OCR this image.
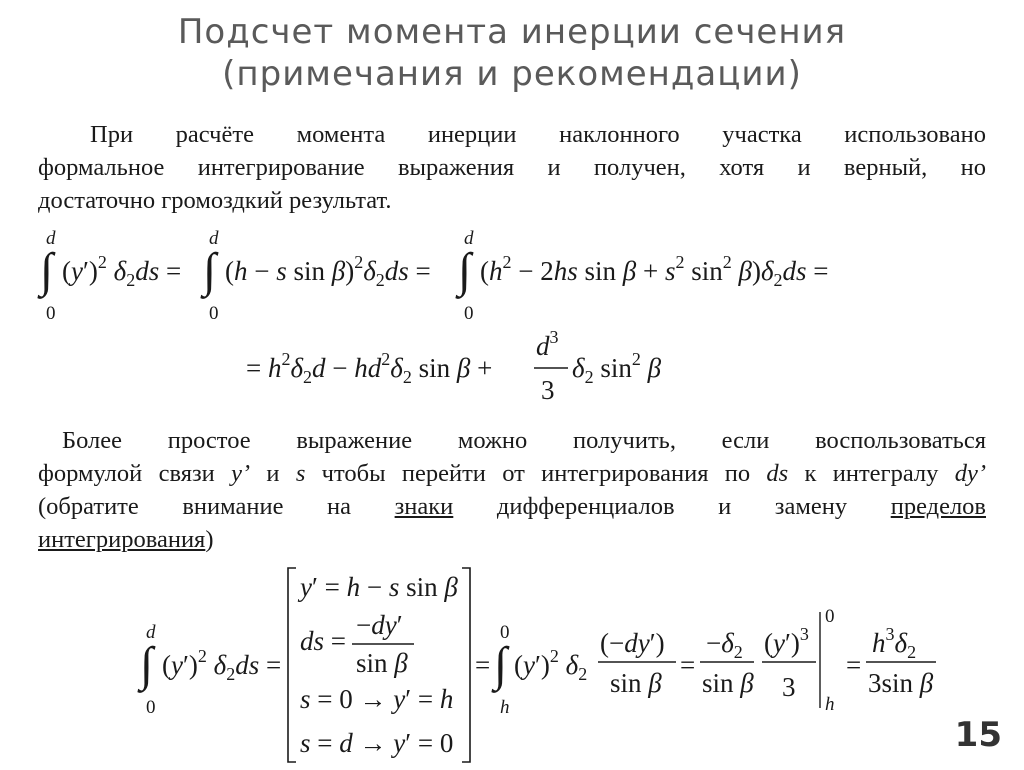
Подсчет момента инерции сечения
(примечания и рекомендации)
При расчёте момента инерции наклонного участка использовано
формальное интегрирование выражения и получен, хотя и верный, но
достаточно громоздкий результат.
d
∫
0
$(y')^2$ $\delta_2ds$ =
d
∫
0
(h − s $\sin \beta)^2\delta_2ds$ =
d
∫
0
($h^2 - 2hs$ $\sin \beta + s^2$ $\sin^2 \beta)\delta_2ds$ =
= $h^2\delta_2d - hd^2\delta_2$ sin β +
$d^3$
3
$\delta_2$ $\sin^2 \beta$
Более простое выражение можно получить, если воспользоваться
формулой связи y’ и s чтобы перейти от интегрирования по ds к интегралу dy’
(обратите внимание на знаки дифференциалов и замену пределов
интегрирования)
d
∫
0
$(y')^2$ $\delta_2ds$ =
y′ = h − s sin β
ds =
−dy′
sin β
s = 0 → y′ = h
s = d → y′ = 0
=
0
∫
h
$(y')^2$ $\delta_2$
(−dy′)
sin β
=
$-\delta_2$
sin β
$(y')^3$
3
0
h
=
$h^3\delta_2$
3sin β
15
